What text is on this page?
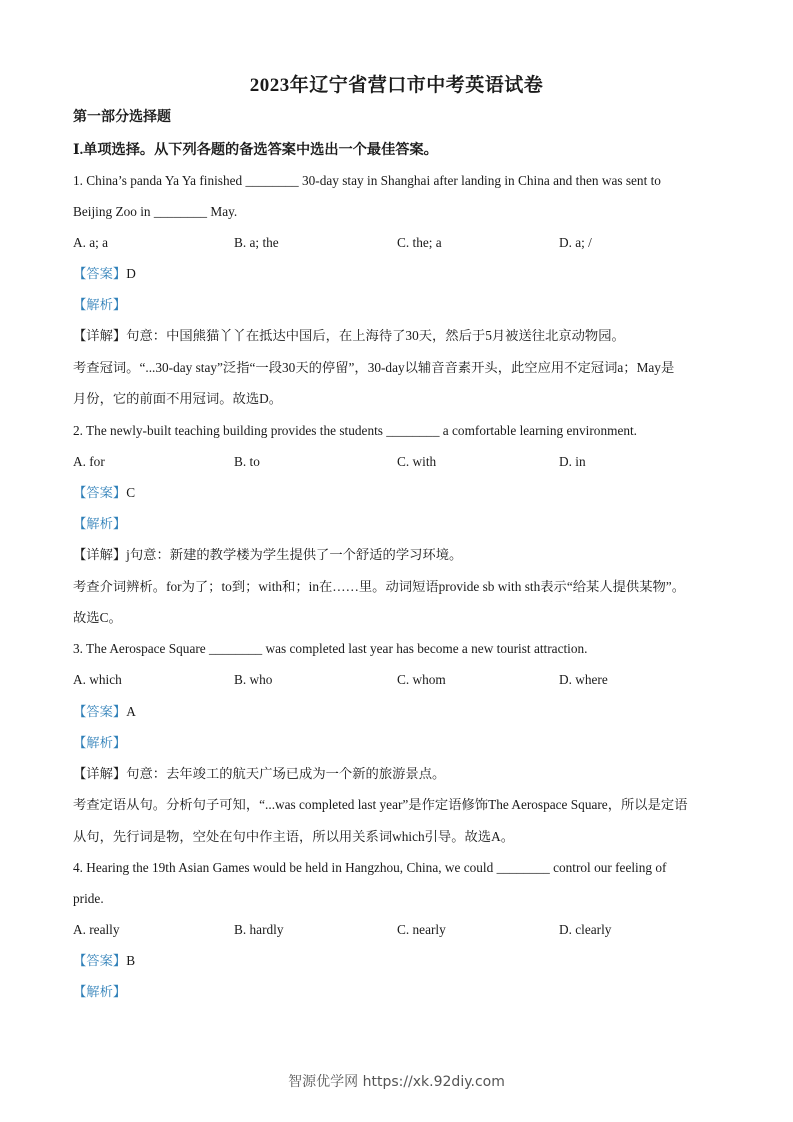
2023年辽宁省营口市中考英语试卷
第一部分选择题
Ⅰ.单项选择。从下列各题的备选答案中选出一个最佳答案。
1. China’s panda Ya Ya finished ________ 30-day stay in Shanghai after landing in China and then was sent to
Beijing Zoo in ________ May.
A. a; a	B. a; the	C. the; a	D. a; /
【答案】D
【解析】
【详解】句意：中国熊猫丫丫在抵达中国后，在上海待了30天，然后于5月被送往北京动物园。
考查冠词。“...30-day stay”泛指“一段30天的停留”，30-day以辅音音素开头，此空应用不定冠词a；May是
月份，它的前面不用冠词。故选D。
2. The newly-built teaching building provides the students ________ a comfortable learning environment.
A. for	B. to	C. with	D. in
【答案】C
【解析】
【详解】j句意：新建的教学楼为学生提供了一个舒适的学习环境。
考查介词辨析。for为了；to到；with和；in在……里。动词短语provide sb with sth表示“给某人提供某物”。
故选C。
3. The Aerospace Square ________ was completed last year has become a new tourist attraction.
A. which	B. who	C. whom	D. where
【答案】A
【解析】
【详解】句意：去年竣工的航天广场已成为一个新的旅游景点。
考查定语从句。分析句子可知，“...was completed last year”是作定语修饰The Aerospace Square，所以是定语
从句，先行词是物，空处在句中作主语，所以用关系词which引导。故选A。
4. Hearing the 19th Asian Games would be held in Hangzhou, China, we could ________ control our feeling of
pride.
A. really	B. hardly	C. nearly	D. clearly
【答案】B
【解析】
智源优学网 https://xk.92diy.com
